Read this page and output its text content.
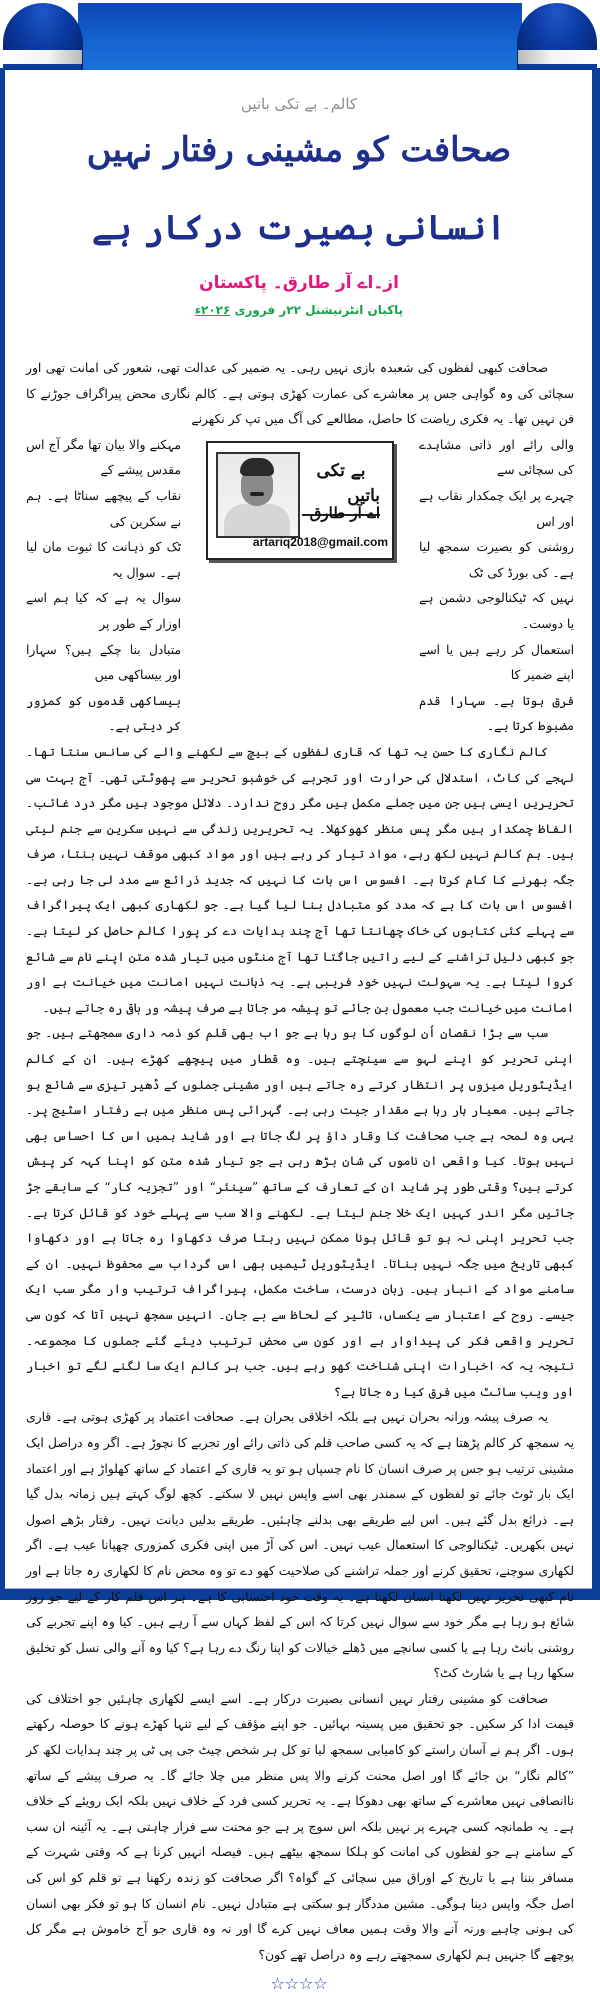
کالم۔ بے تکی باتیں
صحافت کو مشینی رفتار نہیں
انسانی بصیرت درکار ہے
از۔اے آر طارق۔ پاکستان
پاکبان انٹرنیشنل ۲۲ر فروری ۲۰۲۶ء

صحافت کبھی لفظوں کی شعبدہ بازی نہیں رہی۔ یہ ضمیر کی عدالت تھی، شعور کی امانت تھی اور سچائی کی وہ گواہی جس پر معاشرے کی عمارت کھڑی ہوتی ہے۔ کالم نگاری محض پیراگراف جوڑنے کا فن نہیں تھا۔ یہ فکری ریاضت کا حاصل، مطالعے کی آگ میں تپ کر نکھرنے

والی رائے اور ذاتی مشاہدے کی سچائی سے
چہرے پر ایک چمکدار نقاب ہے اور اس
روشنی کو بصیرت سمجھ لیا ہے۔ کی بورڈ کی ٹک
نہیں کہ ٹیکنالوجی دشمن ہے یا دوست۔
استعمال کر رہے ہیں یا اسے اپنے ضمیر کا
فرق ہوتا ہے۔ سہارا قدم مضبوط کرتا ہے۔
بے تکی باتیں
اے آر طارق
artariq2018@gmail.com
مہکنے والا بیان تھا مگر آج اس مقدس پیشے کے
نقاب کے پیچھے سناٹا ہے۔ ہم نے سکرین کی
ٹک کو ذہانت کا ثبوت مان لیا ہے۔ سوال یہ
سوال یہ ہے کہ کیا ہم اسے اوزار کے طور پر
متبادل بنا چکے ہیں؟ سہارا اور بیساکھی میں
بیساکھی قدموں کو کمزور کر دیتی ہے۔

کالم نگاری کا حسن یہ تھا کہ قاری لفظوں کے بیچ سے لکھنے والے کی سانس سنتا تھا۔ لہجے کی کاٹ، استدلال کی حرارت اور تجربے کی خوشبو تحریر سے پھوٹتی تھی۔ آج بہت سی تحریریں ایسی ہیں جن میں جملے مکمل ہیں مگر روح ندارد۔ دلائل موجود ہیں مگر درد غائب۔ الفاظ چمکدار ہیں مگر پس منظر کھوکھلا۔ یہ تحریریں زندگی سے نہیں سکرین سے جنم لیتی ہیں۔ ہم کالم نہیں لکھ رہے، مواد تیار کر رہے ہیں اور مواد کبھی موقف نہیں بنتا، صرف جگہ بھرنے کا کام کرتا ہے۔ افسوس اس بات کا نہیں کہ جدید ذرائع سے مدد لی جا رہی ہے۔ افسوس اس بات کا ہے کہ مدد کو متبادل بنا لیا گیا ہے۔ جو لکھاری کبھی ایک پیراگراف سے پہلے کئی کتابوں کی خاک چھانتا تھا آج چند ہدایات دے کر پورا کالم حاصل کر لیتا ہے۔ جو کبھی دلیل تراشنے کے لیے راتیں جاگتا تھا آج منٹوں میں تیار شدہ متن اپنے نام سے شائع کروا لیتا ہے۔ یہ سہولت نہیں خود فریبی ہے۔ یہ ذہانت نہیں امانت میں خیانت ہے اور امانت میں خیانت جب معمول بن جائے تو پیشہ مر جاتا ہے صرف پیشہ ور باقی رہ جاتے ہیں۔

سب سے بڑا نقصان اُن لوگوں کا ہو رہا ہے جو اب بھی قلم کو ذمہ داری سمجھتے ہیں۔ جو اپنی تحریر کو اپنے لہو سے سینچتے ہیں۔ وہ قطار میں پیچھے کھڑے ہیں۔ ان کے کالم ایڈیٹوریل میزوں پر انتظار کرتے رہ جاتے ہیں اور مشینی جملوں کے ڈھیر تیزی سے شائع ہو جاتے ہیں۔ معیار ہار رہا ہے مقدار جیت رہی ہے۔ گہرائی پس منظر میں ہے رفتار اسٹیج پر۔ یہی وہ لمحہ ہے جب صحافت کا وقار داؤ پر لگ جاتا ہے اور شاید ہمیں اس کا احساس بھی نہیں ہوتا۔ کیا واقعی ان ناموں کی شان بڑھ رہی ہے جو تیار شدہ متن کو اپنا کہہ کر پیش کرتے ہیں؟ وقتی طور پر شاید ان کے تعارف کے ساتھ ”سینئر“ اور ”تجزیہ کار“ کے سابقے جڑ جائیں مگر اندر کہیں ایک خلا جنم لیتا ہے۔ لکھنے والا سب سے پہلے خود کو قائل کرتا ہے۔ جب تحریر اپنی نہ ہو تو قائل ہونا ممکن نہیں رہتا صرف دکھاوا رہ جاتا ہے اور دکھاوا کبھی تاریخ میں جگہ نہیں بناتا۔ ایڈیٹوریل ٹیمیں بھی اس گرداب سے محفوظ نہیں۔ ان کے سامنے مواد کے انبار ہیں۔ زبان درست، ساخت مکمل، پیراگراف ترتیب وار مگر سب ایک جیسے۔ روح کے اعتبار سے یکساں، تاثیر کے لحاظ سے بے جان۔ انہیں سمجھ نہیں آتا کہ کون سی تحریر واقعی فکر کی پیداوار ہے اور کون سی محض ترتیب دیئے گئے جملوں کا مجموعہ۔ نتیجہ یہ کہ اخبارات اپنی شناخت کھو رہے ہیں۔ جب ہر کالم ایک سا لگنے لگے تو اخبار اور ویب سائٹ میں فرق کیا رہ جاتا ہے؟

یہ صرف پیشہ ورانہ بحران نہیں ہے بلکہ اخلاقی بحران ہے۔ صحافت اعتماد پر کھڑی ہوتی ہے۔ قاری یہ سمجھ کر کالم پڑھتا ہے کہ یہ کسی صاحب قلم کی ذاتی رائے اور تجربے کا نچوڑ ہے۔ اگر وہ دراصل ایک مشینی ترتیب ہو جس پر صرف انسان کا نام چسپاں ہو تو یہ قاری کے اعتماد کے ساتھ کھلواڑ ہے اور اعتماد ایک بار ٹوٹ جائے تو لفظوں کے سمندر بھی اسے واپس نہیں لا سکتے۔ کچھ لوگ کہتے ہیں زمانہ بدل گیا ہے۔ ذرائع بدل گئے ہیں۔ اس لیے طریقے بھی بدلنے چاہئیں۔ طریقے بدلیں دیانت نہیں۔ رفتار بڑھے اصول نہیں بکھریں۔ ٹیکنالوجی کا استعمال عیب نہیں۔ اس کی آڑ میں اپنی فکری کمزوری چھپانا عیب ہے۔ اگر لکھاری سوچنے، تحقیق کرنے اور جملہ تراشنے کی صلاحیت کھو دے تو وہ محض نام کا لکھاری رہ جاتا ہے اور نام کبھی تحریر نہیں لکھتا انسان لکھتا ہے۔ یہ وقت خود احتسابی کا ہے۔ ہر اس قلم کار کے لیے جو روز شائع ہو رہا ہے مگر خود سے سوال نہیں کرتا کہ اس کے لفظ کہاں سے آ رہے ہیں۔ کیا وہ اپنے تجربے کی روشنی بانٹ رہا ہے یا کسی سانچے میں ڈھلے خیالات کو اپنا رنگ دے رہا ہے؟ کیا وہ آنے والی نسل کو تخلیق سکھا رہا ہے یا شارٹ کٹ؟

صحافت کو مشینی رفتار نہیں انسانی بصیرت درکار ہے۔ اسے ایسے لکھاری چاہئیں جو اختلاف کی قیمت ادا کر سکیں۔ جو تحقیق میں پسینہ بہائیں۔ جو اپنے مؤقف کے لیے تنہا کھڑے ہونے کا حوصلہ رکھتے ہوں۔ اگر ہم نے آسان راستے کو کامیابی سمجھ لیا تو کل ہر شخص چیٹ جی پی ٹی پر چند ہدایات لکھ کر ”کالم نگار“ بن جائے گا اور اصل محنت کرنے والا پس منظر میں چلا جائے گا۔ یہ صرف پیشے کے ساتھ ناانصافی نہیں معاشرے کے ساتھ بھی دھوکا ہے۔ یہ تحریر کسی فرد کے خلاف نہیں بلکہ ایک رویئے کے خلاف ہے۔ یہ طمانچہ کسی چہرے پر نہیں بلکہ اس سوچ پر ہے جو محنت سے فرار چاہتی ہے۔ یہ آئینہ ان سب کے سامنے ہے جو لفظوں کی امانت کو ہلکا سمجھ بیٹھے ہیں۔ فیصلہ انہیں کرنا ہے کہ وقتی شہرت کے مسافر بننا ہے یا تاریخ کے اوراق میں سچائی کے گواہ؟ اگر صحافت کو زندہ رکھنا ہے تو قلم کو اس کی اصل جگہ واپس دینا ہوگی۔ مشین مددگار ہو سکتی ہے متبادل نہیں۔ نام انسان کا ہو تو فکر بھی انسان کی ہونی چاہیے ورنہ آنے والا وقت ہمیں معاف نہیں کرے گا اور نہ وہ قاری جو آج خاموش ہے مگر کل پوچھے گا جنہیں ہم لکھاری سمجھتے رہے وہ دراصل تھے کون؟

☆☆☆☆
